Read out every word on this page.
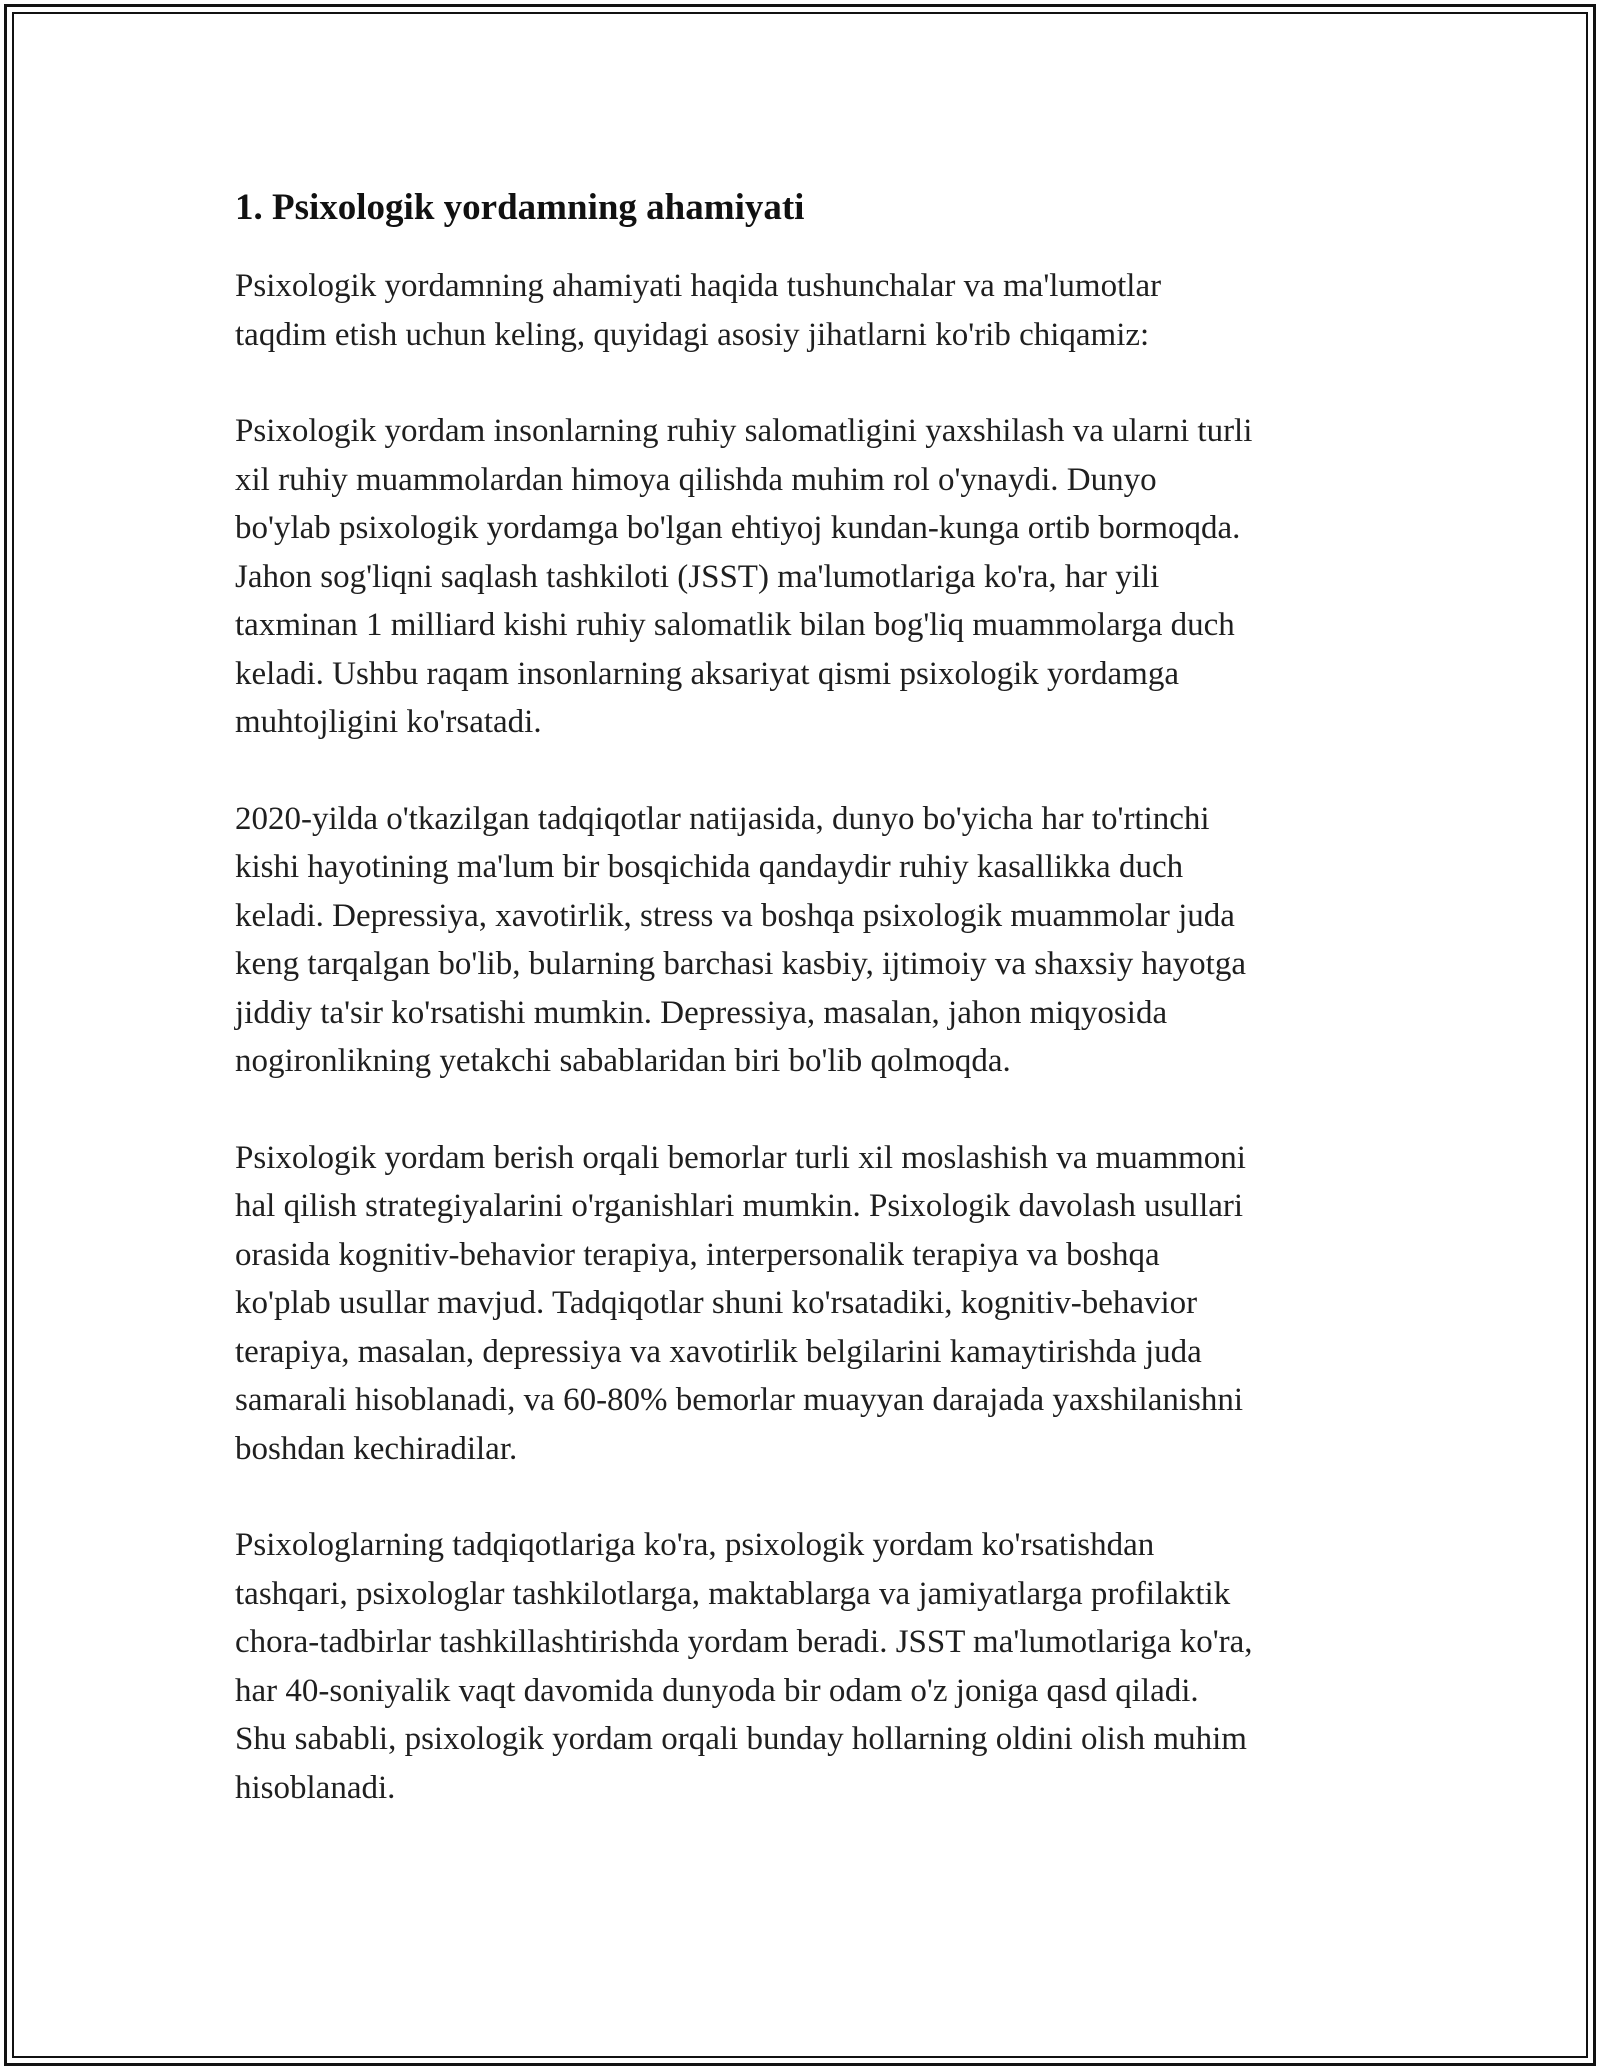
1. Psixologik yordamning ahamiyati

Psixologik yordamning ahamiyati haqida tushunchalar va ma'lumotlar
taqdim etish uchun keling, quyidagi asosiy jihatlarni ko'rib chiqamiz:

Psixologik yordam insonlarning ruhiy salomatligini yaxshilash va ularni turli
xil ruhiy muammolardan himoya qilishda muhim rol o'ynaydi. Dunyo
bo'ylab psixologik yordamga bo'lgan ehtiyoj kundan-kunga ortib bormoqda.
Jahon sog'liqni saqlash tashkiloti (JSST) ma'lumotlariga ko'ra, har yili
taxminan 1 milliard kishi ruhiy salomatlik bilan bog'liq muammolarga duch
keladi. Ushbu raqam insonlarning aksariyat qismi psixologik yordamga
muhtojligini ko'rsatadi.

2020-yilda o'tkazilgan tadqiqotlar natijasida, dunyo bo'yicha har to'rtinchi
kishi hayotining ma'lum bir bosqichida qandaydir ruhiy kasallikka duch
keladi. Depressiya, xavotirlik, stress va boshqa psixologik muammolar juda
keng tarqalgan bo'lib, bularning barchasi kasbiy, ijtimoiy va shaxsiy hayotga
jiddiy ta'sir ko'rsatishi mumkin. Depressiya, masalan, jahon miqyosida
nogironlikning yetakchi sabablaridan biri bo'lib qolmoqda.

Psixologik yordam berish orqali bemorlar turli xil moslashish va muammoni
hal qilish strategiyalarini o'rganishlari mumkin. Psixologik davolash usullari
orasida kognitiv-behavior terapiya, interpersonalik terapiya va boshqa
ko'plab usullar mavjud. Tadqiqotlar shuni ko'rsatadiki, kognitiv-behavior
terapiya, masalan, depressiya va xavotirlik belgilarini kamaytirishda juda
samarali hisoblanadi, va 60-80% bemorlar muayyan darajada yaxshilanishni
boshdan kechiradilar.

Psixologlarning tadqiqotlariga ko'ra, psixologik yordam ko'rsatishdan
tashqari, psixologlar tashkilotlarga, maktablarga va jamiyatlarga profilaktik
chora-tadbirlar tashkillashtirishda yordam beradi. JSST ma'lumotlariga ko'ra,
har 40-soniyalik vaqt davomida dunyoda bir odam o'z joniga qasd qiladi.
Shu sababli, psixologik yordam orqali bunday hollarning oldini olish muhim
hisoblanadi.
